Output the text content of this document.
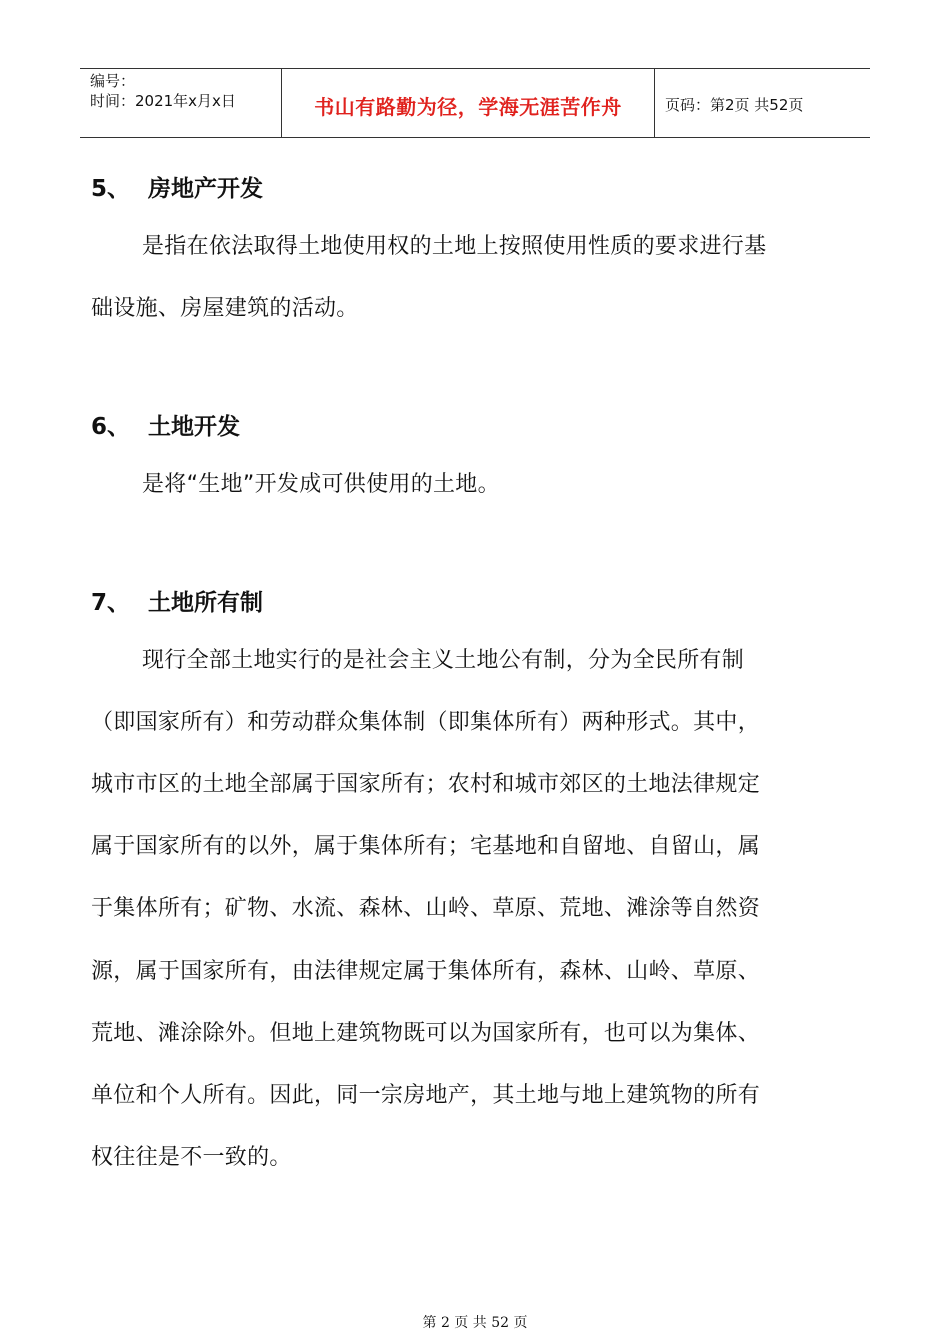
编号：
时间：2021年x月x日	书山有路勤为径，学海无涯苦作舟	页码：第2页 共52页
5、 房地产开发
是指在依法取得土地使用权的土地上按照使用性质的要求进行基
础设施、房屋建筑的活动。
6、 土地开发
是将“生地”开发成可供使用的土地。
7、 土地所有制
现行全部土地实行的是社会主义土地公有制，分为全民所有制
（即国家所有）和劳动群众集体制（即集体所有）两种形式。其中，
城市市区的土地全部属于国家所有；农村和城市郊区的土地法律规定
属于国家所有的以外，属于集体所有；宅基地和自留地、自留山，属
于集体所有；矿物、水流、森林、山岭、草原、荒地、滩涂等自然资
源，属于国家所有，由法律规定属于集体所有，森林、山岭、草原、
荒地、滩涂除外。但地上建筑物既可以为国家所有，也可以为集体、
单位和个人所有。因此，同一宗房地产，其土地与地上建筑物的所有
权往往是不一致的。
第 2 页 共 52 页
